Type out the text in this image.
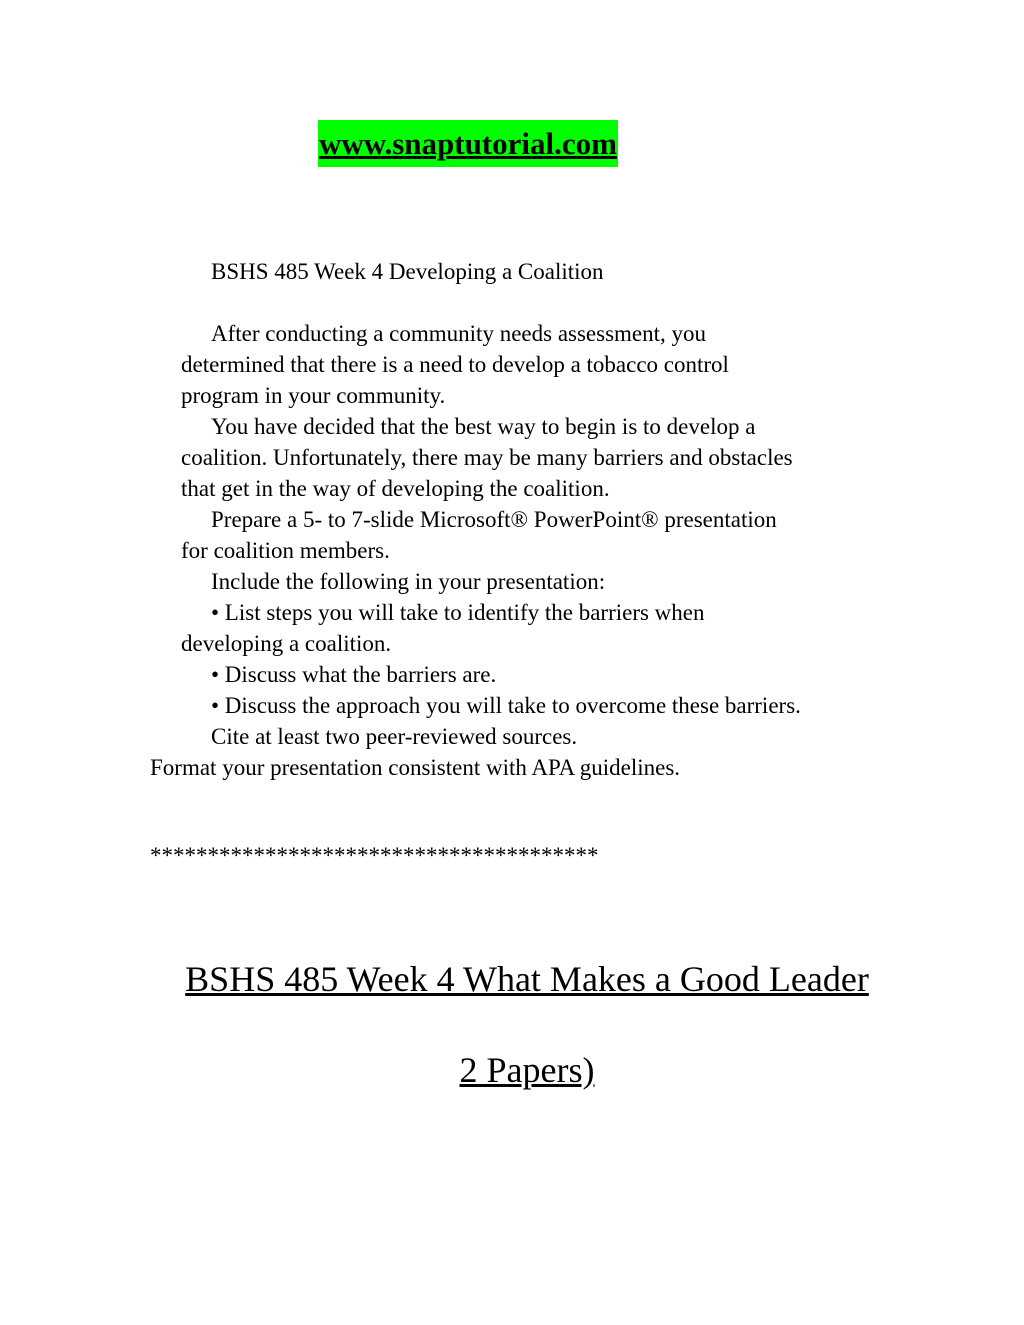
www.snaptutorial.com
BSHS 485 Week 4 Developing a Coalition
After conducting a community needs assessment, you
determined that there is a need to develop a tobacco control
program in your community.
You have decided that the best way to begin is to develop a
coalition. Unfortunately, there may be many barriers and obstacles
that get in the way of developing the coalition.
Prepare a 5- to 7-slide Microsoft® PowerPoint® presentation
for coalition members.
Include the following in your presentation:
• List steps you will take to identify the barriers when
developing a coalition.
• Discuss what the barriers are.
• Discuss the approach you will take to overcome these barriers.
Cite at least two peer-reviewed sources.
Format your presentation consistent with APA guidelines.
***************************************
BSHS 485 Week 4 What Makes a Good Leader
2 Papers)
